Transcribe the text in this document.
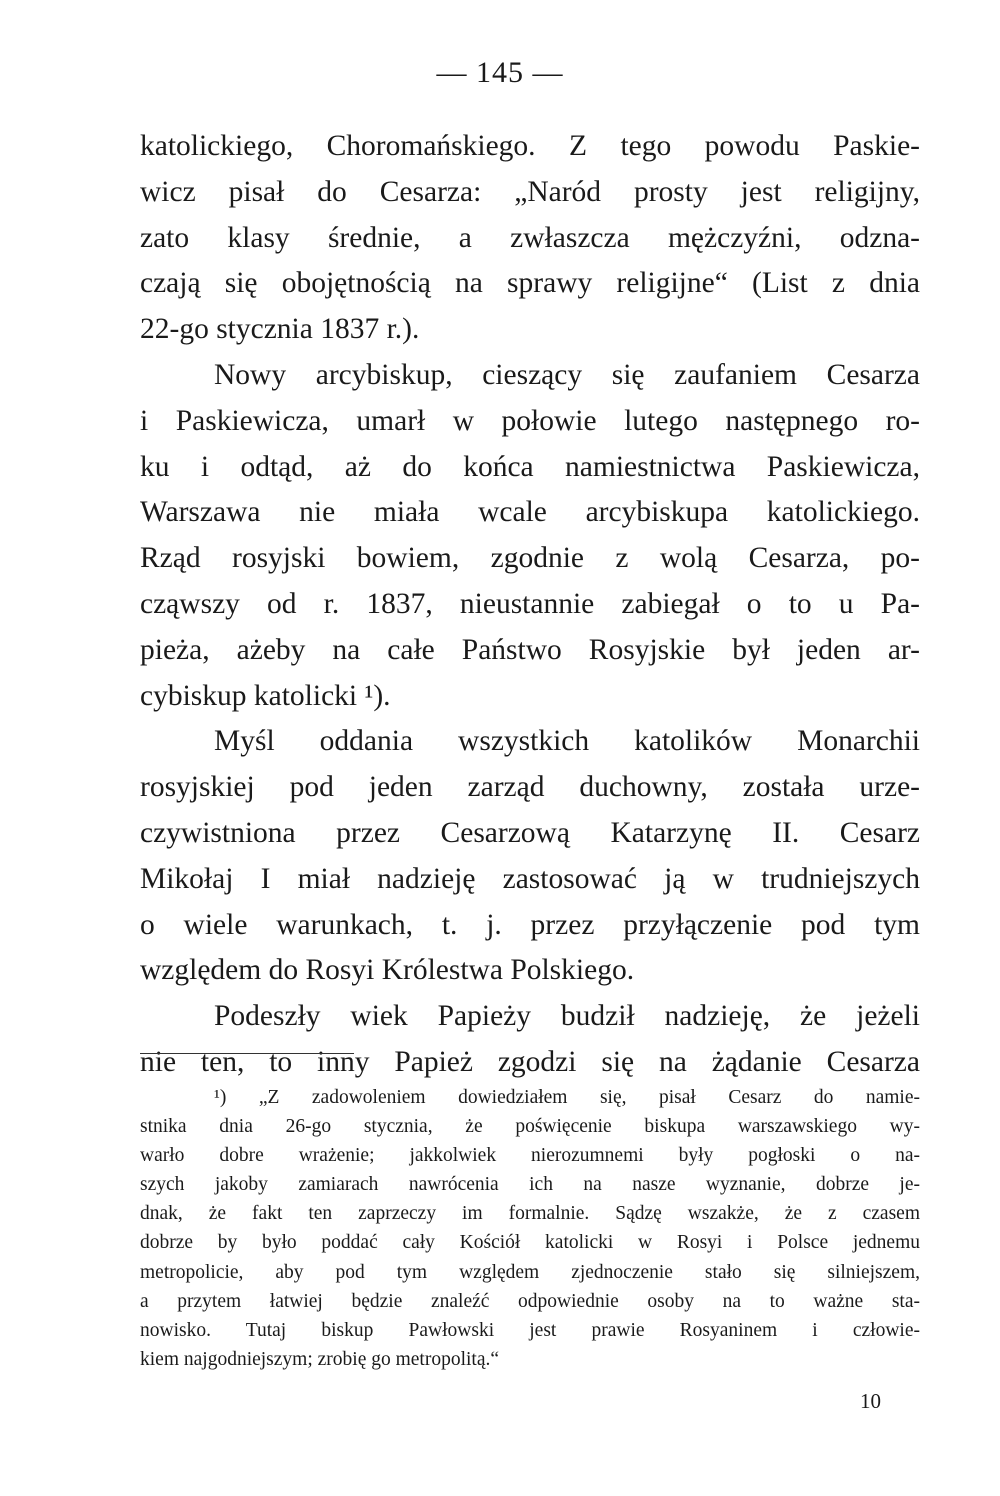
— 145 —
katolickiego, Choromańskiego. Z tego powodu Paskie-
wicz pisał do Cesarza: „Naród prosty jest religijny,
zato klasy średnie, a zwłaszcza mężczyźni, odzna-
czają się obojętnością na sprawy religijne“ (List z dnia
22-go stycznia 1837 r.).
Nowy arcybiskup, cieszący się zaufaniem Cesarza
i Paskiewicza, umarł w połowie lutego następnego ro-
ku i odtąd, aż do końca namiestnictwa Paskiewicza,
Warszawa nie miała wcale arcybiskupa katolickiego.
Rząd rosyjski bowiem, zgodnie z wolą Cesarza, po-
cząwszy od r. 1837, nieustannie zabiegał o to u Pa-
pieża, ażeby na całe Państwo Rosyjskie był jeden ar-
cybiskup katolicki ¹).
Myśl oddania wszystkich katolików Monarchii
rosyjskiej pod jeden zarząd duchowny, została urze-
czywistniona przez Cesarzową Katarzynę II. Cesarz
Mikołaj I miał nadzieję zastosować ją w trudniejszych
o wiele warunkach, t. j. przez przyłączenie pod tym
względem do Rosyi Królestwa Polskiego.
Podeszły wiek Papieży budził nadzieję, że jeżeli
nie ten, to inny Papież zgodzi się na żądanie Cesarza
¹) „Z zadowoleniem dowiedziałem się, pisał Cesarz do namie-
stnika dnia 26-go stycznia, że poświęcenie biskupa warszawskiego wy-
warło dobre wrażenie; jakkolwiek nierozumnemi były pogłoski o na-
szych jakoby zamiarach nawrócenia ich na nasze wyznanie, dobrze je-
dnak, że fakt ten zaprzeczy im formalnie. Sądzę wszakże, że z czasem
dobrze by było poddać cały Kościół katolicki w Rosyi i Polsce jednemu
metropolicie, aby pod tym względem zjednoczenie stało się silniejszem,
a przytem łatwiej będzie znaleźć odpowiednie osoby na to ważne sta-
nowisko. Tutaj biskup Pawłowski jest prawie Rosyaninem i człowie-
kiem najgodniejszym; zrobię go metropolitą.“
10
